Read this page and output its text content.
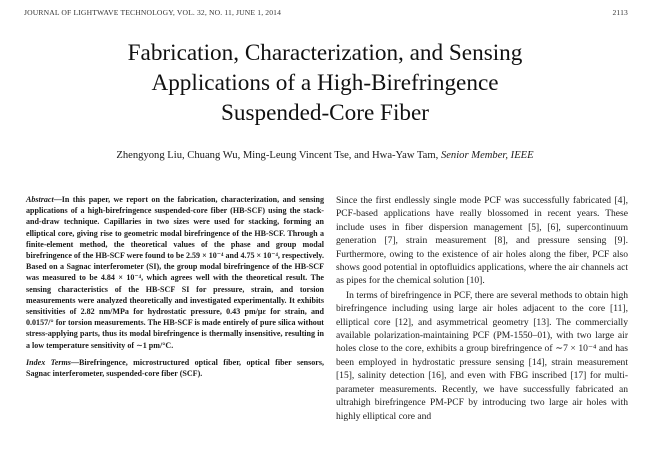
JOURNAL OF LIGHTWAVE TECHNOLOGY, VOL. 32, NO. 11, JUNE 1, 2014	2113
Fabrication, Characterization, and Sensing
Applications of a High-Birefringence
Suspended-Core Fiber
Zhengyong Liu, Chuang Wu, Ming-Leung Vincent Tse, and Hwa-Yaw Tam, Senior Member, IEEE

Abstract—In this paper, we report on the fabrication, characterization, and sensing applications of a high-birefringence suspended-core fiber (HB-SCF) using the stack-and-draw technique. Capillaries in two sizes were used for stacking, forming an elliptical core, giving rise to geometric modal birefringence of the HB-SCF. Through a finite-element method, the theoretical values of the phase and group modal birefringence of the HB-SCF were found to be 2.59 × 10⁻⁴ and 4.75 × 10⁻⁴, respectively. Based on a Sagnac interferometer (SI), the group modal birefringence of the HB-SCF was measured to be 4.84 × 10⁻⁴, which agrees well with the theoretical result. The sensing characteristics of the HB-SCF SI for pressure, strain, and torsion measurements were analyzed theoretically and investigated experimentally. It exhibits sensitivities of 2.82 nm/MPa for hydrostatic pressure, 0.43 pm/με for strain, and 0.0157/° for torsion measurements. The HB-SCF is made entirely of pure silica without stress-applying parts, thus its modal birefringence is thermally insensitive, resulting in a low temperature sensitivity of ∼1 pm/°C.

Index Terms—Birefringence, microstructured optical fiber, optical fiber sensors, Sagnac interferometer, suspended-core fiber (SCF).

Since the first endlessly single mode PCF was successfully fabricated [4], PCF-based applications have really blossomed in recent years. These include uses in fiber dispersion management [5], [6], supercontinuum generation [7], strain measurement [8], and pressure sensing [9]. Furthermore, owing to the existence of air holes along the fiber, PCF also shows good potential in optofluidics applications, where the air channels act as pipes for the chemical solution [10].

In terms of birefringence in PCF, there are several methods to obtain high birefringence including using large air holes adjacent to the core [11], elliptical core [12], and asymmetrical geometry [13]. The commercially available polarization-maintaining PCF (PM-1550–01), with two large air holes close to the core, exhibits a group birefringence of ∼7 × 10⁻⁴ and has been employed in hydrostatic pressure sensing [14], strain measurement [15], salinity detection [16], and even with FBG inscribed [17] for multi-parameter measurements. Recently, we have successfully fabricated an ultrahigh birefringence PM-PCF by introducing two large air holes with highly elliptical core and
